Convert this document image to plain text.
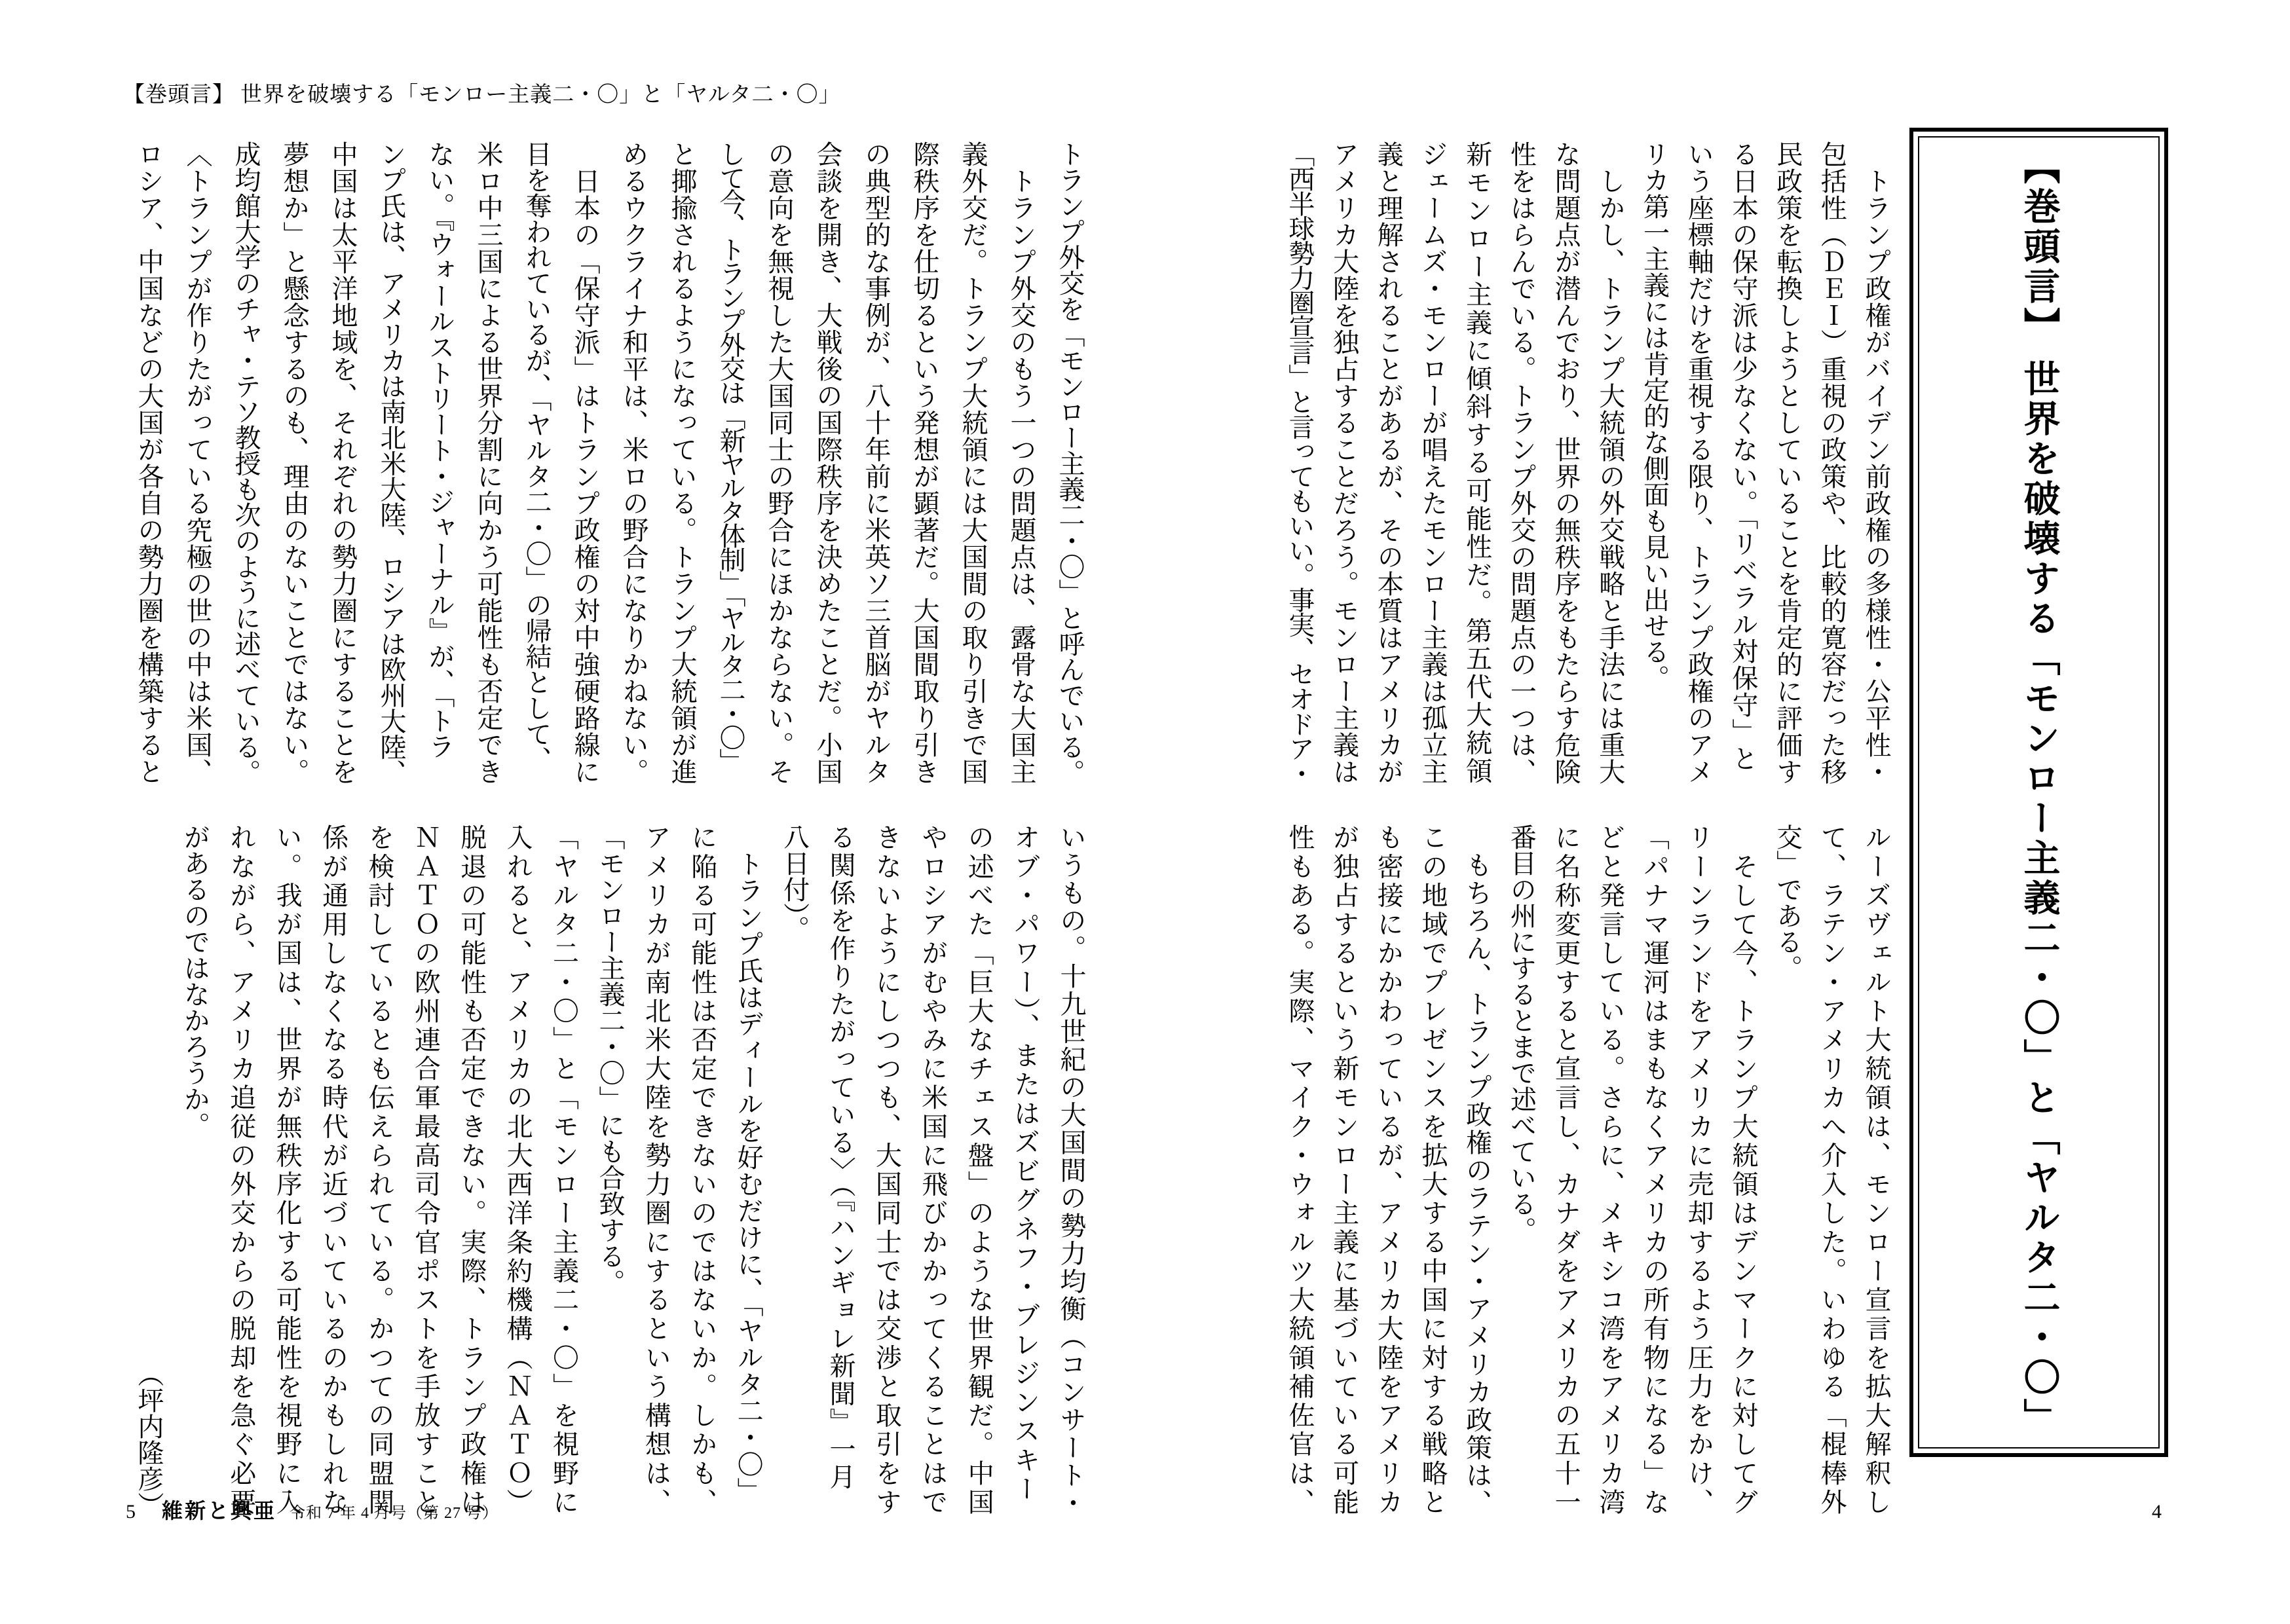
【巻頭言】 世界を破壊する「モンロー主義二・〇」と「ヤルタ二・〇」
トランプ外交を「モンロー主義二・〇」と呼んでいる。
　トランプ外交のもう一つの問題点は、露骨な大国主
義外交だ。トランプ大統領には大国間の取り引きで国
際秩序を仕切るという発想が顕著だ。大国間取り引き
の典型的な事例が、八十年前に米英ソ三首脳がヤルタ
会談を開き、大戦後の国際秩序を決めたことだ。小国
の意向を無視した大国同士の野合にほかならない。そ
して今、トランプ外交は「新ヤルタ体制」「ヤルタ二・〇」
と揶揄されるようになっている。トランプ大統領が進
めるウクライナ和平は、米ロの野合になりかねない。
　日本の「保守派」はトランプ政権の対中強硬路線に
目を奪われているが、「ヤルタ二・〇」の帰結として、
米ロ中三国による世界分割に向かう可能性も否定でき
ない。『ウォールストリート・ジャーナル』が、「トラ
ンプ氏は、アメリカは南北米大陸、ロシアは欧州大陸、
中国は太平洋地域を、それぞれの勢力圏にすることを
夢想か」と懸念するのも、理由のないことではない。
成均館大学のチャ・テソ教授も次のように述べている。
〈トランプが作りたがっている究極の世の中は米国、
ロシア、中国などの大国が各自の勢力圏を構築すると
いうもの。十九世紀の大国間の勢力均衡（コンサート・
オブ・パワー）、またはズビグネフ・ブレジンスキー
の述べた「巨大なチェス盤」のような世界観だ。中国
やロシアがむやみに米国に飛びかかってくることはで
きないようにしつつも、大国同士では交渉と取引をす
る関係を作りたがっている〉（『ハンギョレ新聞』一月
八日付）。
　トランプ氏はディールを好むだけに、「ヤルタ二・〇」
に陥る可能性は否定できないのではないか。しかも、
アメリカが南北米大陸を勢力圏にするという構想は、
「モンロー主義二・〇」にも合致する。
「ヤルタ二・〇」と「モンロー主義二・〇」を視野に
入れると、アメリカの北大西洋条約機構（ＮＡＴＯ）
脱退の可能性も否定できない。実際、トランプ政権は
ＮＡＴＯの欧州連合軍最高司令官ポストを手放すこと
を検討しているとも伝えられている。かつての同盟関
係が通用しなくなる時代が近づいているのかもしれな
い。我が国は、世界が無秩序化する可能性を視野に入
れながら、アメリカ追従の外交からの脱却を急ぐ必要
があるのではなかろうか。
（坪内隆彦）
5 維新と興亜 令和 7 年 4 月号（第 27 号）
　トランプ政権がバイデン前政権の多様性・公平性・
包括性（ＤＥＩ）重視の政策や、比較的寛容だった移
民政策を転換しようとしていることを肯定的に評価す
る日本の保守派は少なくない。「リベラル対保守」と
いう座標軸だけを重視する限り、トランプ政権のアメ
リカ第一主義には肯定的な側面も見い出せる。
　しかし、トランプ大統領の外交戦略と手法には重大
な問題点が潜んでおり、世界の無秩序をもたらす危険
性をはらんでいる。トランプ外交の問題点の一つは、
新モンロー主義に傾斜する可能性だ。第五代大統領
ジェームズ・モンローが唱えたモンロー主義は孤立主
義と理解されることがあるが、その本質はアメリカが
アメリカ大陸を独占することだろう。モンロー主義は
「西半球勢力圏宣言」と言ってもいい。事実、セオドア・
ルーズヴェルト大統領は、モンロー宣言を拡大解釈し
て、ラテン・アメリカへ介入した。いわゆる「棍棒外
交」である。
　そして今、トランプ大統領はデンマークに対してグ
リーンランドをアメリカに売却するよう圧力をかけ、
「パナマ運河はまもなくアメリカの所有物になる」な
どと発言している。さらに、メキシコ湾をアメリカ湾
に名称変更すると宣言し、カナダをアメリカの五十一
番目の州にするとまで述べている。
　もちろん、トランプ政権のラテン・アメリカ政策は、
この地域でプレゼンスを拡大する中国に対する戦略と
も密接にかかわっているが、アメリカ大陸をアメリカ
が独占するという新モンロー主義に基づいている可能
性もある。実際、マイク・ウォルツ大統領補佐官は、	【巻頭言】 世界を破壊する「モンロー主義二・〇」と「ヤルタ二・〇」
4
